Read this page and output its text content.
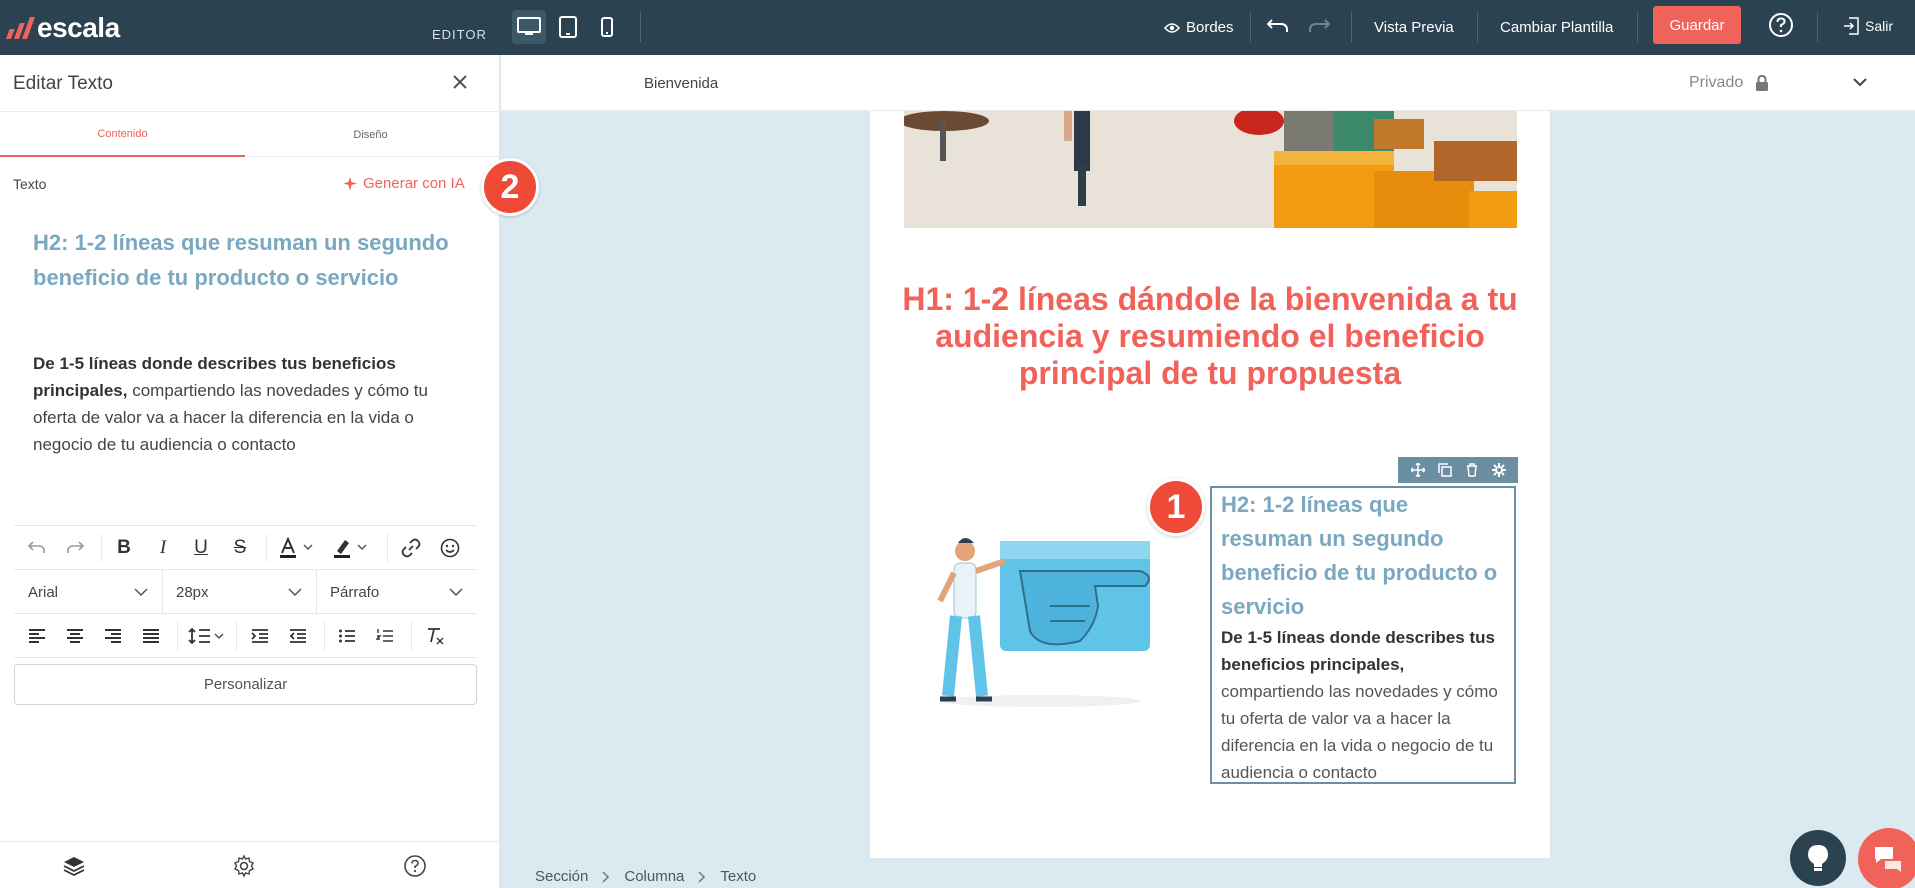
escala	EDITOR	Bordes	Vista Previa	Cambiar Plantilla	Guardar	Salir
Editar Texto
Contenido	Diseño
Texto	Generar con IA
H2: 1-2 líneas que resuman un segundo beneficio de tu producto o servicio
De 1-5 líneas donde describes tus beneficios principales, compartiendo las novedades y cómo tu oferta de valor va a hacer la diferencia en la vida o negocio de tu audiencia o contacto
B I U S
Arial	28px	Párrafo
Personalizar
Bienvenida	Privado
H1: 1-2 líneas dándole la bienvenida a tu audiencia y resumiendo el beneficio principal de tu propuesta
H2: 1-2 líneas que resuman un segundo beneficio de tu producto o servicio
De 1-5 líneas donde describes tus beneficios principales, compartiendo las novedades y cómo tu oferta de valor va a hacer la diferencia en la vida o negocio de tu audiencia o contacto
Sección Columna Texto
1
2
